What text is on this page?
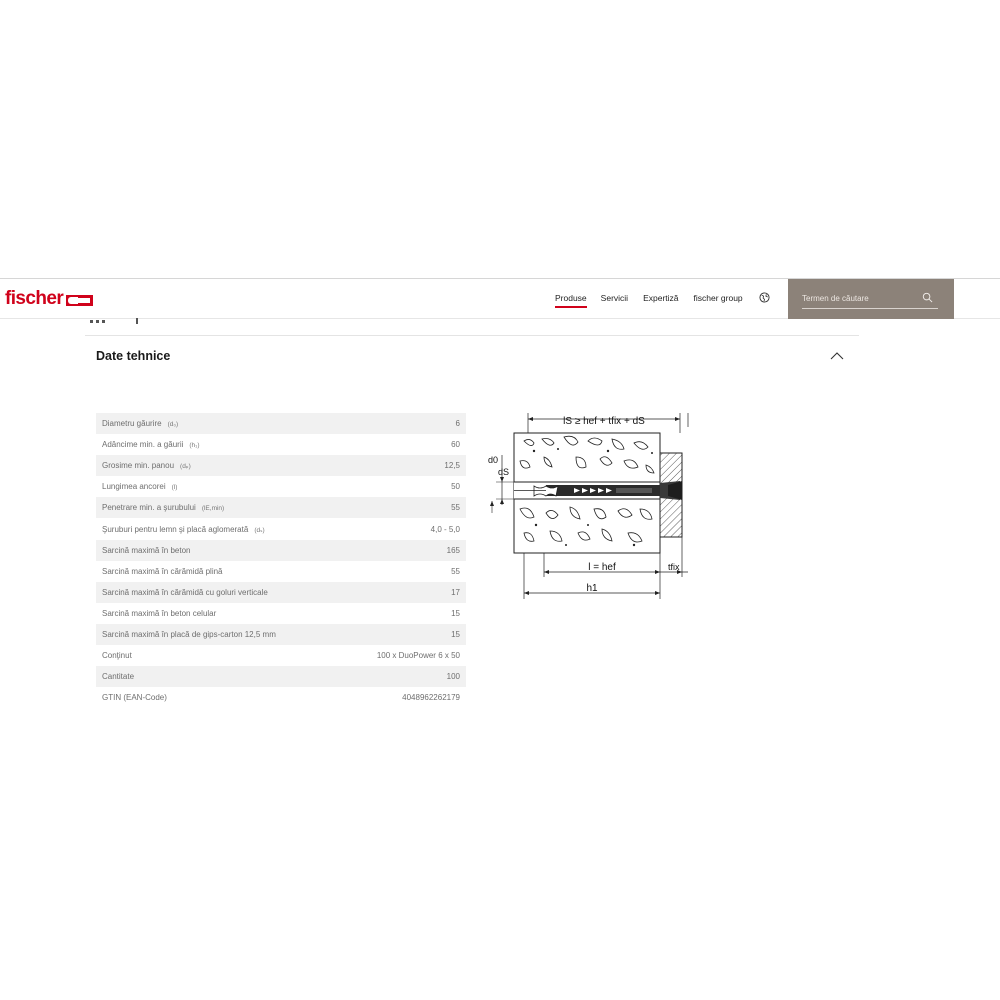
fischer	Produse Servicii Expertiză fischer group
Termen de căutare
Date tehnice
Diametru găurire (d₀)	6
Adâncime min. a găurii (h₁)	60
Grosime min. panou (dₚ)	12,5
Lungimea ancorei (l)	50
Penetrare min. a şurubului (lE,min)	55
Şuruburi pentru lemn şi placă aglomerată (dₛ)	4,0 - 5,0
Sarcină maximă în beton	165
Sarcină maximă în cărămidă plină	55
Sarcină maximă în cărămidă cu goluri verticale	17
Sarcină maximă în beton celular	15
Sarcină maximă în placă de gips-carton 12,5 mm	15
Conţinut	100 x DuoPower 6 x 50
Cantitate	100
GTIN (EAN-Code)	4048962262179
lS ≥ hef + tfix + dS
d0
dS
l = hef	tfix
h1
